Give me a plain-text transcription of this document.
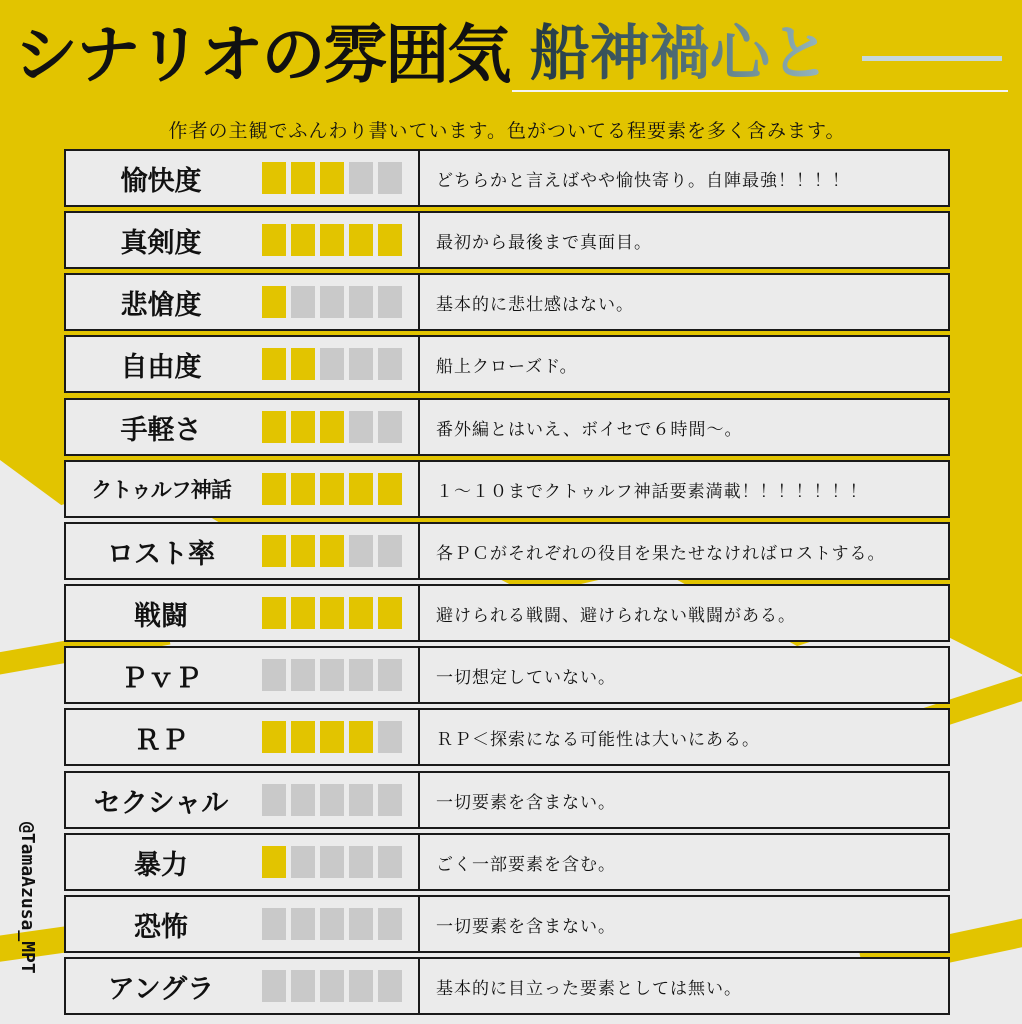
シナリオの雰囲気 船神禍心と
作者の主観でふんわり書いています。色がついてる程要素を多く含みます。
愉快度	どちらかと言えばやや愉快寄り。自陣最強！！！！
真剣度	最初から最後まで真面目。
悲愴度	基本的に悲壮感はない。
自由度	船上クローズド。
手軽さ	番外編とはいえ、ボイセで６時間～。
クトゥルフ神話	１～１０までクトゥルフ神話要素満載！！！！！！！
ロスト率	各ＰＣがそれぞれの役目を果たせなければロストする。
戦闘	避けられる戦闘、避けられない戦闘がある。
ＰｖＰ	一切想定していない。
ＲＰ	ＲＰ＜探索になる可能性は大いにある。
セクシャル	一切要素を含まない。
暴力	ごく一部要素を含む。
恐怖	一切要素を含まない。
アングラ	基本的に目立った要素としては無い。
@TamaAzusa_MPT
